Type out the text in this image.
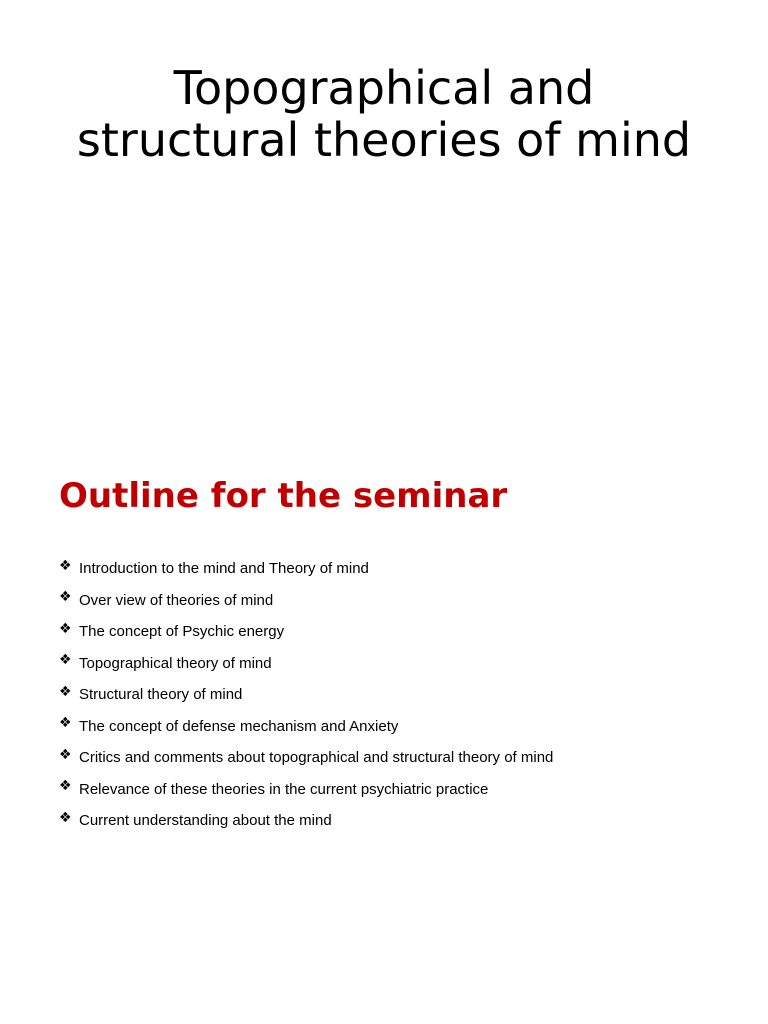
Topographical and structural theories of mind
Outline for the seminar
❖ Introduction to the mind and Theory of mind
❖ Over view of theories of mind
❖ The concept of Psychic energy
❖ Topographical theory of mind
❖ Structural theory of mind
❖ The concept of defense mechanism and Anxiety
❖ Critics and comments about topographical and structural theory of mind
❖ Relevance of these theories in the current psychiatric practice
❖ Current understanding about the mind
